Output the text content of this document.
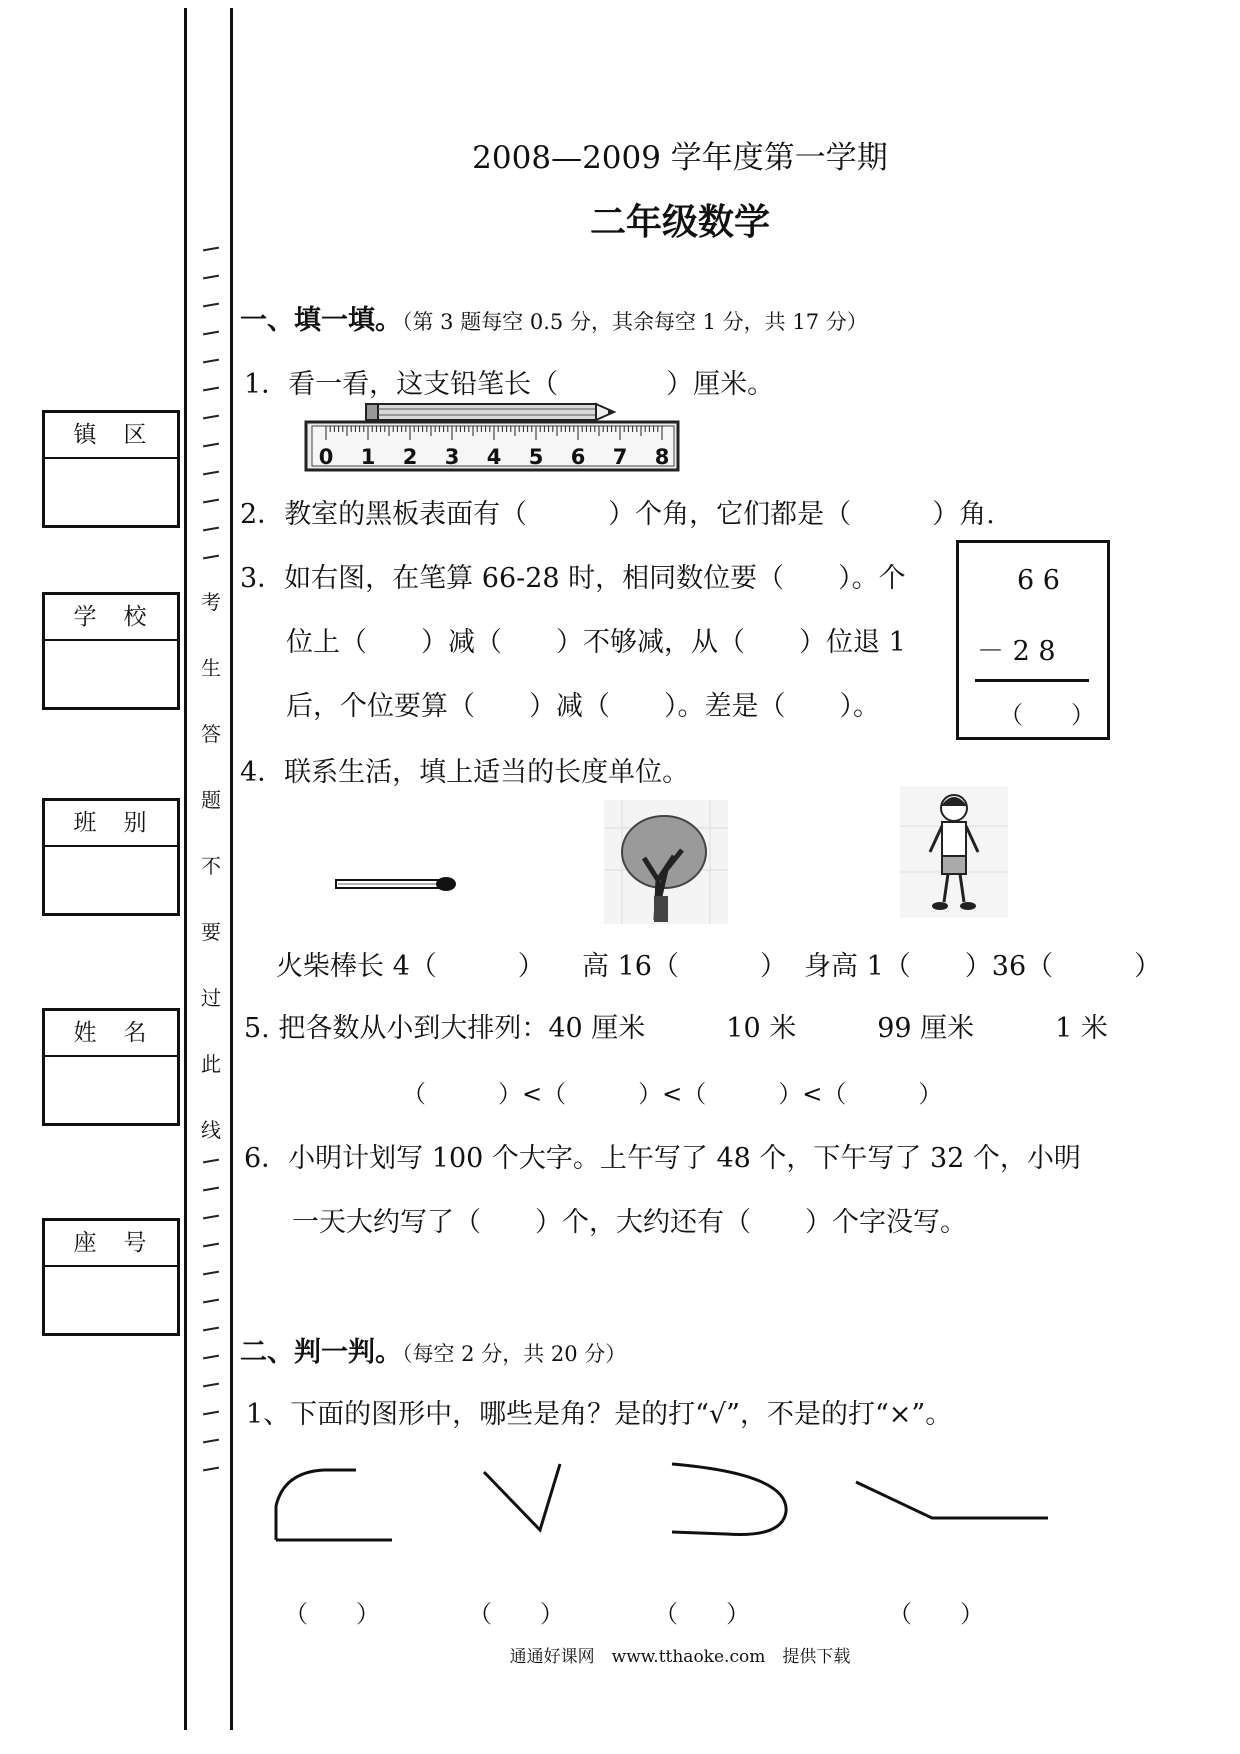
镇　区
学　校
班　别
姓　名
座　号
考
生
答
题
不
要
过
此
线
2008—2009 学年度第一学期
二年级数学
一、填一填。（第 3 题每空 0.5 分，其余每空 1 分，共 17 分）
1．看一看，这支铅笔长（　　　　）厘米。
0 1 2 3 4 5 6 7 8
2．教室的黑板表面有（　　　）个角，它们都是（　　　）角.
3．如右图，在笔算 66-28 时，相同数位要（　　）。个
位上（　　）减（　　）不够减，从（　　）位退 1
后，个位要算（　　）减（　　）。差是（　　）。
6 6
－ 2 8
（　　）
4．联系生活，填上适当的长度单位。
火柴棒长 4（　　　） 高 16（　　　） 身高 1（　　）36（　　　）
5. 把各数从小到大排列：40 厘米　　　10 米　　　99 厘米　　　1 米
（　　　）<（　　　）<（　　　）<（　　　）
6．小明计划写 100 个大字。上午写了 48 个，下午写了 32 个，小明
一天大约写了（　　）个，大约还有（　　）个字没写。
二、判一判。（每空 2 分，共 20 分）
1、下面的图形中，哪些是角？是的打“√”，不是的打“×”。
（　　）	（　　）	（　　）	（　　）
通通好课网　www.tthaoke.com　提供下载
